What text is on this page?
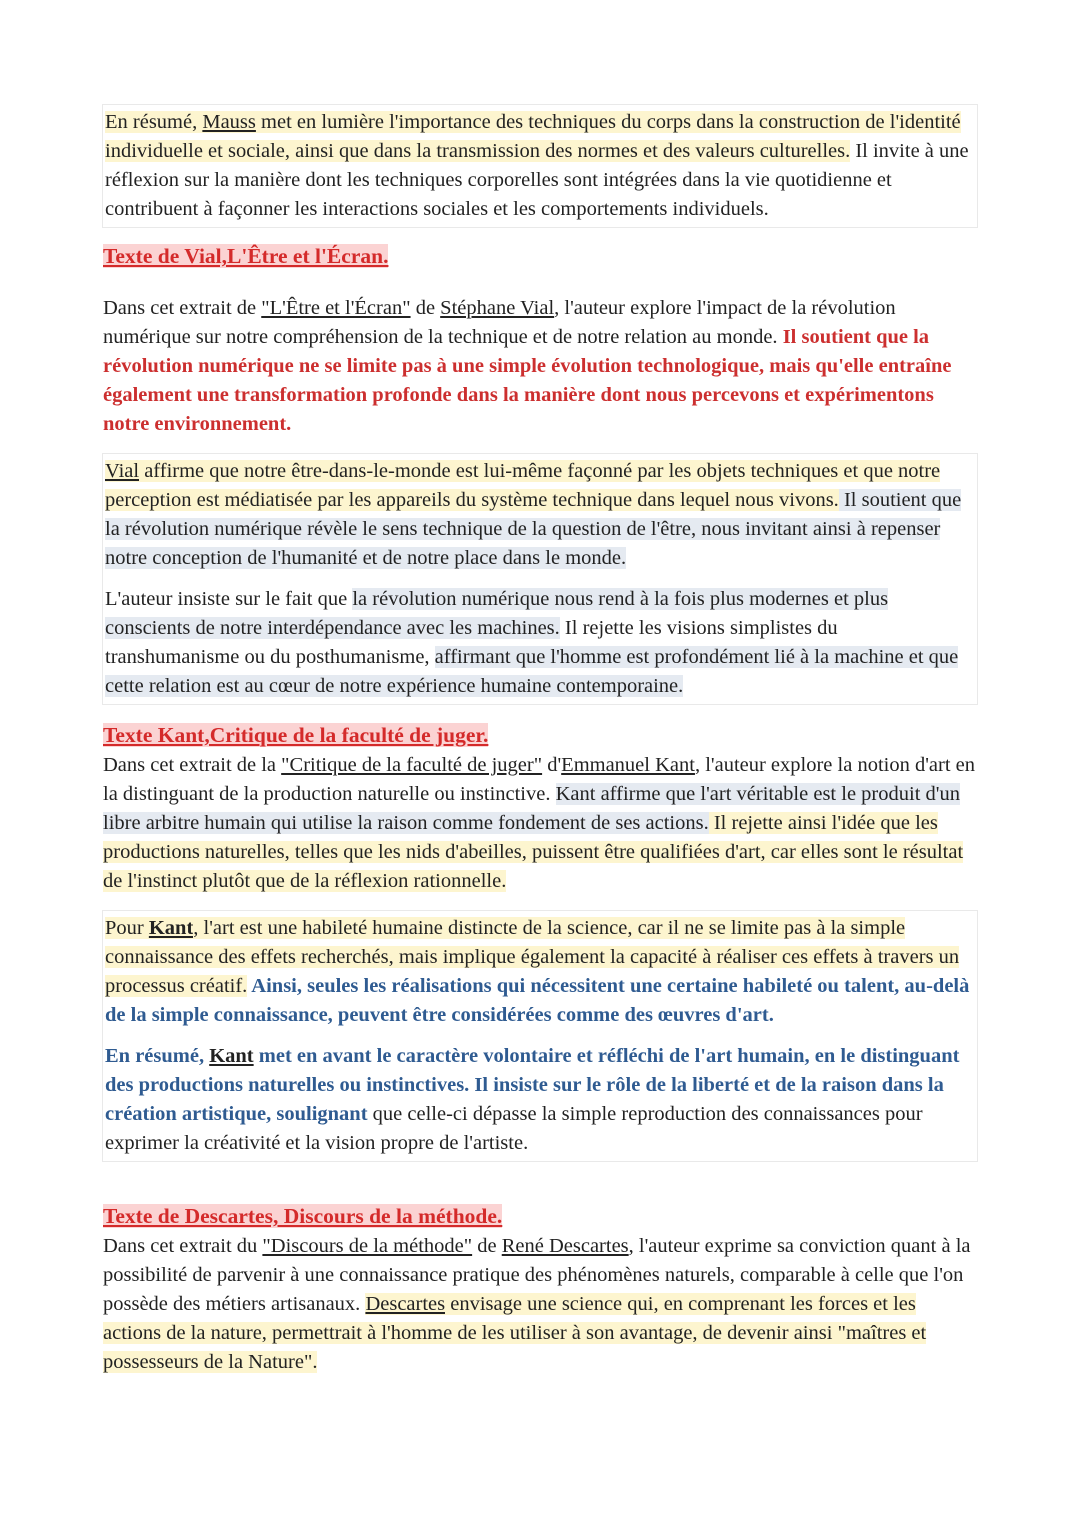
En résumé, Mauss met en lumière l'importance des techniques du corps dans la construction de l'identité individuelle et sociale, ainsi que dans la transmission des normes et des valeurs culturelles. Il invite à une réflexion sur la manière dont les techniques corporelles sont intégrées dans la vie quotidienne et contribuent à façonner les interactions sociales et les comportements individuels.

Texte de Vial,L'Être et l'Écran.

Dans cet extrait de "L'Être et l'Écran" de Stéphane Vial, l'auteur explore l'impact de la révolution numérique sur notre compréhension de la technique et de notre relation au monde. Il soutient que la révolution numérique ne se limite pas à une simple évolution technologique, mais qu'elle entraîne également une transformation profonde dans la manière dont nous percevons et expérimentons notre environnement.

Vial affirme que notre être-dans-le-monde est lui-même façonné par les objets techniques et que notre perception est médiatisée par les appareils du système technique dans lequel nous vivons. Il soutient que la révolution numérique révèle le sens technique de la question de l'être, nous invitant ainsi à repenser notre conception de l'humanité et de notre place dans le monde.

L'auteur insiste sur le fait que la révolution numérique nous rend à la fois plus modernes et plus conscients de notre interdépendance avec les machines. Il rejette les visions simplistes du transhumanisme ou du posthumanisme, affirmant que l'homme est profondément lié à la machine et que cette relation est au cœur de notre expérience humaine contemporaine.

Texte Kant,Critique de la faculté de juger.

Dans cet extrait de la "Critique de la faculté de juger" d'Emmanuel Kant, l'auteur explore la notion d'art en la distinguant de la production naturelle ou instinctive. Kant affirme que l'art véritable est le produit d'un libre arbitre humain qui utilise la raison comme fondement de ses actions. Il rejette ainsi l'idée que les productions naturelles, telles que les nids d'abeilles, puissent être qualifiées d'art, car elles sont le résultat de l'instinct plutôt que de la réflexion rationnelle.

Pour Kant, l'art est une habileté humaine distincte de la science, car il ne se limite pas à la simple connaissance des effets recherchés, mais implique également la capacité à réaliser ces effets à travers un processus créatif. Ainsi, seules les réalisations qui nécessitent une certaine habileté ou talent, au-delà de la simple connaissance, peuvent être considérées comme des œuvres d'art.

En résumé, Kant met en avant le caractère volontaire et réfléchi de l'art humain, en le distinguant des productions naturelles ou instinctives. Il insiste sur le rôle de la liberté et de la raison dans la création artistique, soulignant que celle-ci dépasse la simple reproduction des connaissances pour exprimer la créativité et la vision propre de l'artiste.

Texte de Descartes, Discours de la méthode.

Dans cet extrait du "Discours de la méthode" de René Descartes, l'auteur exprime sa conviction quant à la possibilité de parvenir à une connaissance pratique des phénomènes naturels, comparable à celle que l'on possède des métiers artisanaux. Descartes envisage une science qui, en comprenant les forces et les actions de la nature, permettrait à l'homme de les utiliser à son avantage, de devenir ainsi "maîtres et possesseurs de la Nature".
